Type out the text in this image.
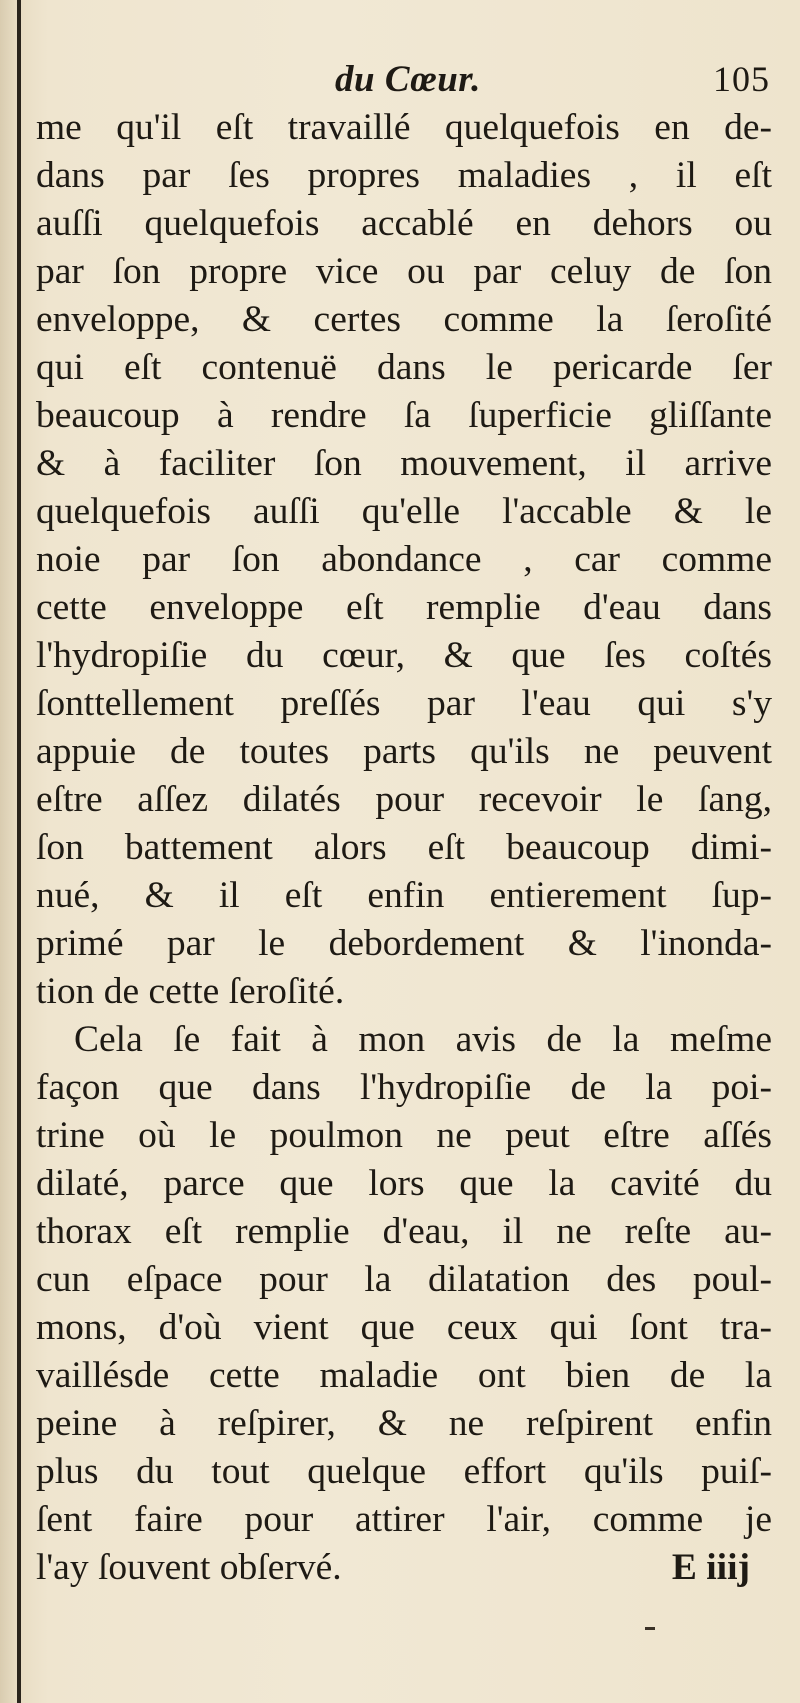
du Cœur.	105
me qu'il eſt travaillé quelquefois en de-
dans par ſes propres maladies , il eſt
auſſi quelquefois accablé en dehors ou
par ſon propre vice ou par celuy de ſon
enveloppe, & certes comme la ſeroſité
qui eſt contenuë dans le pericarde ſer
beaucoup à rendre ſa ſuperficie gliſſante
& à faciliter ſon mouvement, il arrive
quelquefois auſſi qu'elle l'accable & le
noie par ſon abondance , car comme
cette enveloppe eſt remplie d'eau dans
l'hydropiſie du cœur, & que ſes coſtés
ſonttellement preſſés par l'eau qui s'y
appuie de toutes parts qu'ils ne peuvent
eſtre aſſez dilatés pour recevoir le ſang,
ſon battement alors eſt beaucoup dimi-
nué, & il eſt enfin entierement ſup-
primé par le debordement & l'inonda-
tion de cette ſeroſité.
Cela ſe fait à mon avis de la meſme
façon que dans l'hydropiſie de la poi-
trine où le poulmon ne peut eſtre aſſés
dilaté, parce que lors que la cavité du
thorax eſt remplie d'eau, il ne reſte au-
cun eſpace pour la dilatation des poul-
mons, d'où vient que ceux qui ſont tra-
vaillésde cette maladie ont bien de la
peine à reſpirer, & ne reſpirent enfin
plus du tout quelque effort qu'ils puiſ-
ſent faire pour attirer l'air, comme je
l'ay ſouvent obſervé.	E iiij
